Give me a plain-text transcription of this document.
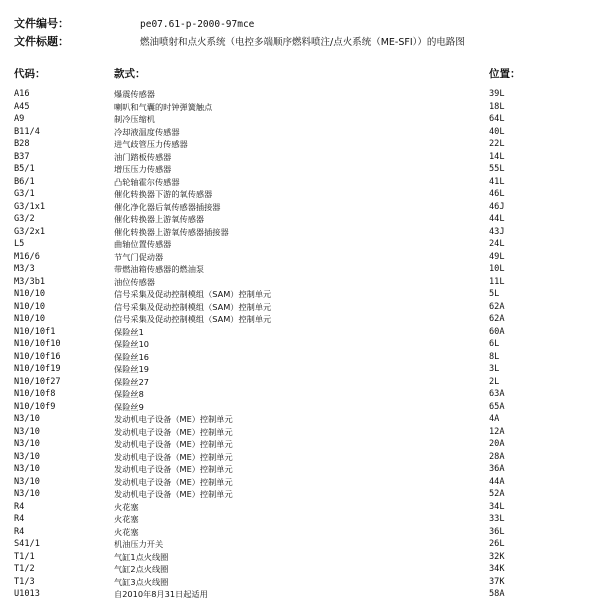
文件编号：	pe07.61-p-2000-97mce
文件标题：	燃油喷射和点火系统（电控多端顺序燃料喷注/点火系统（ME-SFI））的电路图
代码：	款式：	位置：
A16	爆震传感器	39L
A45	喇叭和气囊的时钟弹簧触点	18L
A9	制冷压缩机	64L
B11/4	冷却液温度传感器	40L
B28	进气歧管压力传感器	22L
B37	油门踏板传感器	14L
B5/1	增压压力传感器	55L
B6/1	凸轮轴霍尔传感器	41L
G3/1	催化转换器下游的氧传感器	46L
G3/1x1	催化净化器后氧传感器插接器	46J
G3/2	催化转换器上游氧传感器	44L
G3/2x1	催化转换器上游氧传感器插接器	43J
L5	曲轴位置传感器	24L
M16/6	节气门促动器	49L
M3/3	带燃油箱传感器的燃油泵	10L
M3/3b1	油位传感器	11L
N10/10	信号采集及促动控制模组（SAM）控制单元	5L
N10/10	信号采集及促动控制模组（SAM）控制单元	62A
N10/10	信号采集及促动控制模组（SAM）控制单元	62A
N10/10f1	保险丝1	60A
N10/10f10	保险丝10	6L
N10/10f16	保险丝16	8L
N10/10f19	保险丝19	3L
N10/10f27	保险丝27	2L
N10/10f8	保险丝8	63A
N10/10f9	保险丝9	65A
N3/10	发动机电子设备（ME）控制单元	4A
N3/10	发动机电子设备（ME）控制单元	12A
N3/10	发动机电子设备（ME）控制单元	20A
N3/10	发动机电子设备（ME）控制单元	28A
N3/10	发动机电子设备（ME）控制单元	36A
N3/10	发动机电子设备（ME）控制单元	44A
N3/10	发动机电子设备（ME）控制单元	52A
R4	火花塞	34L
R4	火花塞	33L
R4	火花塞	36L
S41/1	机油压力开关	26L
T1/1	气缸1点火线圈	32K
T1/2	气缸2点火线圈	34K
T1/3	气缸3点火线圈	37K
U1013	自2010年8月31日起适用	58A
